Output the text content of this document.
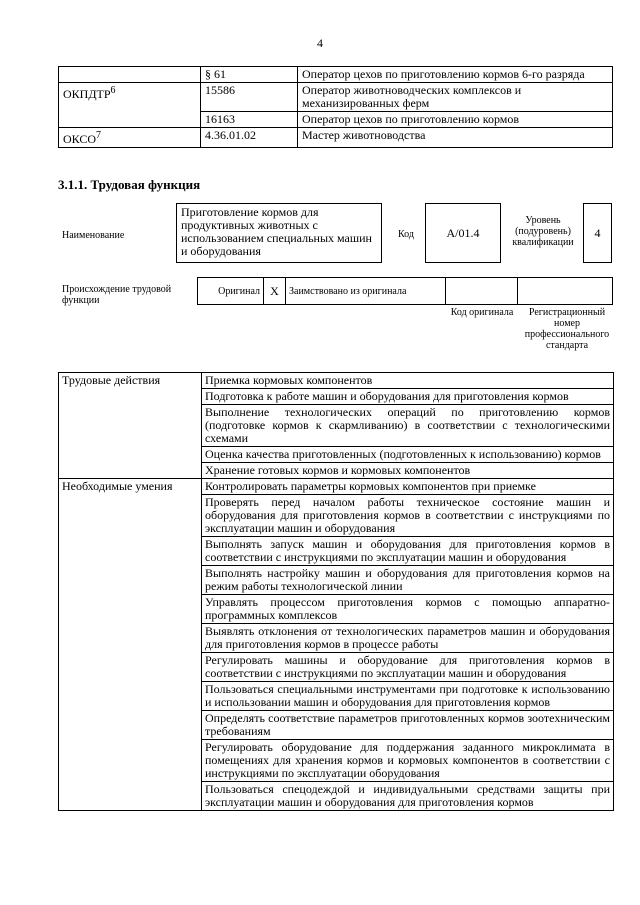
4
	§ 61	Оператор цехов по приготовлению кормов 6-го разряда
ОКПДТР$^6$	15586	Оператор животноводческих комплексов и механизированных ферм
	16163	Оператор цехов по приготовлению кормов
ОКСО$^7$	4.36.01.02	Мастер животноводства
3.1.1. Трудовая функция
Наименование
Приготовление кормов для продуктивных животных с использованием специальных машин и оборудования
Код	А/01.4
Уровень (подуровень) квалификации
4
Происхождение трудовой функции
Оригинал	X	Заимствовано из оригинала		
Код оригинала	Регистрационный номер профессионального стандарта
Трудовые действия	Приемка кормовых компонентов
	Подготовка к работе машин и оборудования для приготовления кормов
	Выполнение технологических операций по приготовлению кормов (подготовке кормов к скармливанию) в соответствии с технологическими схемами
	Оценка качества приготовленных (подготовленных к использованию) кормов
	Хранение готовых кормов и кормовых компонентов
Необходимые умения	Контролировать параметры кормовых компонентов при приемке
	Проверять перед началом работы техническое состояние машин и оборудования для приготовления кормов в соответствии с инструкциями по эксплуатации машин и оборудования
	Выполнять запуск машин и оборудования для приготовления кормов в соответствии с инструкциями по эксплуатации машин и оборудования
	Выполнять настройку машин и оборудования для приготовления кормов на режим работы технологической линии
	Управлять процессом приготовления кормов с помощью аппаратно-программных комплексов
	Выявлять отклонения от технологических параметров машин и оборудования для приготовления кормов в процессе работы
	Регулировать машины и оборудование для приготовления кормов в соответствии с инструкциями по эксплуатации машин и оборудования
	Пользоваться специальными инструментами при подготовке к использованию и использовании машин и оборудования для приготовления кормов
	Определять соответствие параметров приготовленных кормов зоотехническим требованиям
	Регулировать оборудование для поддержания заданного микроклимата в помещениях для хранения кормов и кормовых компонентов в соответствии с инструкциями по эксплуатации оборудования
	Пользоваться спецодеждой и индивидуальными средствами защиты при эксплуатации машин и оборудования для приготовления кормов
